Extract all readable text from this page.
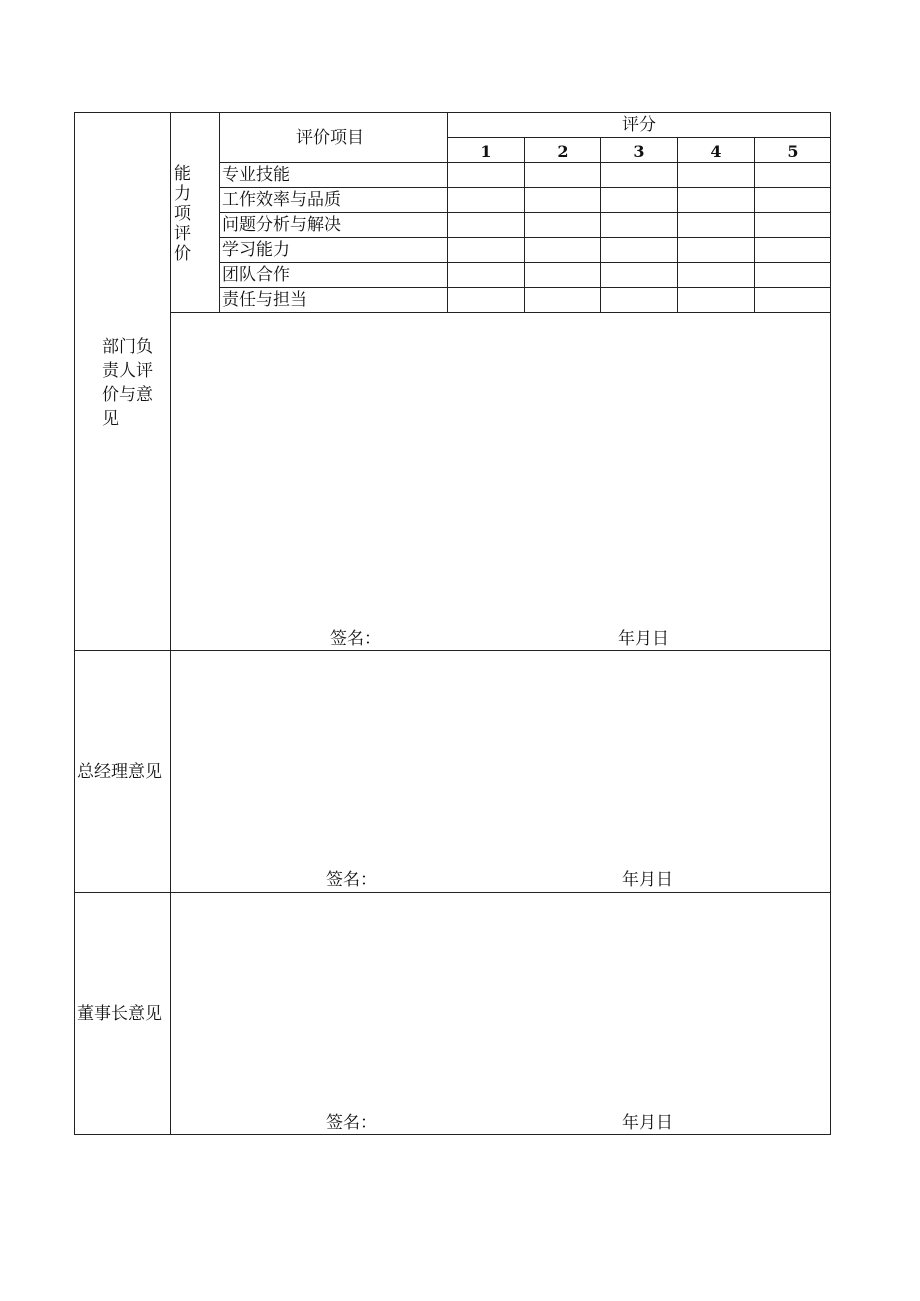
部门负责人评价与意见
能力项评价
评价项目
评分
1	2	3	4	5
专业技能
工作效率与品质
问题分析与解决
学习能力
团队合作
责任与担当
签名：	年月日
总经理意见
签名：	年月日
董事长意见
签名：	年月日
